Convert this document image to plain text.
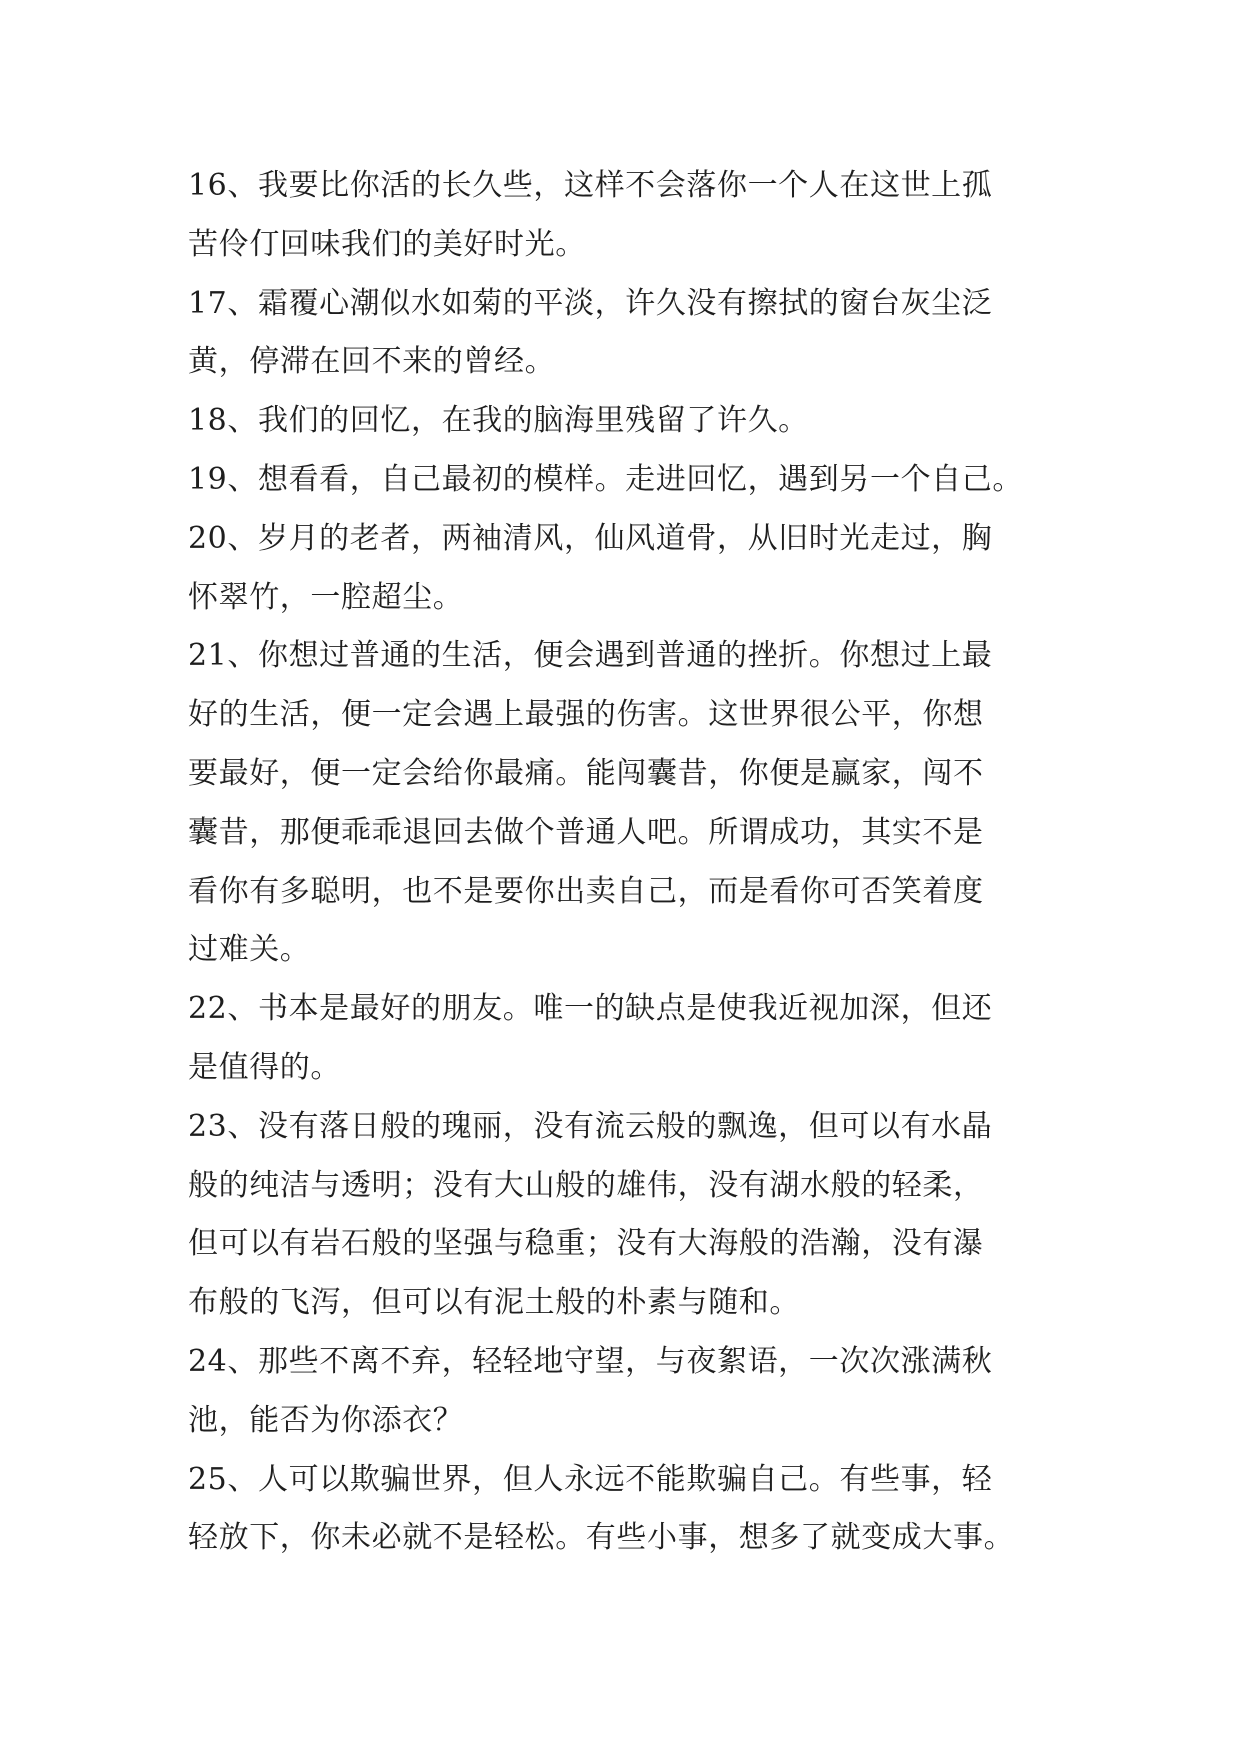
16、我要比你活的长久些，这样不会落你一个人在这世上孤
苦伶仃回味我们的美好时光。
17、霜覆心潮似水如菊的平淡，许久没有擦拭的窗台灰尘泛
黄，停滞在回不来的曾经。
18、我们的回忆，在我的脑海里残留了许久。
19、想看看，自己最初的模样。走进回忆，遇到另一个自己。
20、岁月的老者，两袖清风，仙风道骨，从旧时光走过，胸
怀翠竹，一腔超尘。
21、你想过普通的生活，便会遇到普通的挫折。你想过上最
好的生活，便一定会遇上最强的伤害。这世界很公平，你想
要最好，便一定会给你最痛。能闯囊昔，你便是赢家，闯不
囊昔，那便乖乖退回去做个普通人吧。所谓成功，其实不是
看你有多聪明，也不是要你出卖自己，而是看你可否笑着度
过难关。
22、书本是最好的朋友。唯一的缺点是使我近视加深，但还
是值得的。
23、没有落日般的瑰丽，没有流云般的飘逸，但可以有水晶
般的纯洁与透明；没有大山般的雄伟，没有湖水般的轻柔，
但可以有岩石般的坚强与稳重；没有大海般的浩瀚，没有瀑
布般的飞泻，但可以有泥土般的朴素与随和。
24、那些不离不弃，轻轻地守望，与夜絮语，一次次涨满秋
池，能否为你添衣？
25、人可以欺骗世界，但人永远不能欺骗自己。有些事，轻
轻放下，你未必就不是轻松。有些小事，想多了就变成大事。
